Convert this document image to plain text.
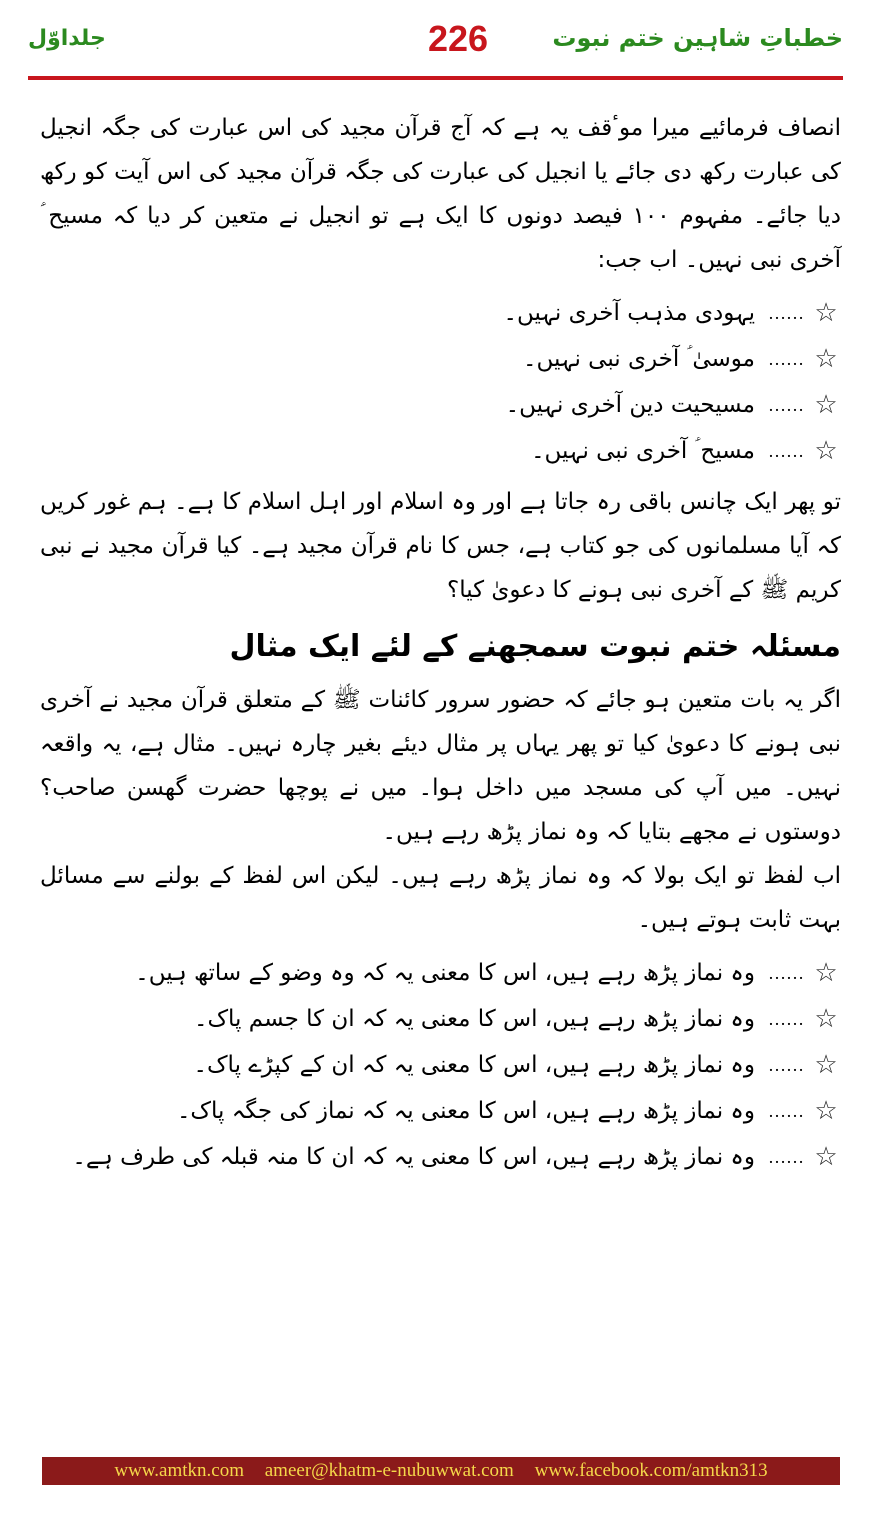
جلداوّل	226	خطباتِ شاہین ختم نبوت

انصاف فرمائیے میرا موٴقف یہ ہے کہ آج قرآن مجید کی اس عبارت کی جگہ انجیل کی عبارت رکھ دی جائے یا انجیل کی عبارت کی جگہ قرآن مجید کی اس آیت کو رکھ دیا جائے۔ مفہوم ۱۰۰ فیصد دونوں کا ایک ہے تو انجیل نے متعین کر دیا کہ مسیح ؑ آخری نبی نہیں۔ اب جب:

☆
……
یہودی مذہب آخری نہیں۔
☆
……
موسیٰ ؑ آخری نبی نہیں۔
☆
……
مسیحیت دین آخری نہیں۔
☆
……
مسیح ؑ آخری نبی نہیں۔

تو پھر ایک چانس باقی رہ جاتا ہے اور وہ اسلام اور اہل اسلام کا ہے۔ ہم غور کریں کہ آیا مسلمانوں کی جو کتاب ہے، جس کا نام قرآن مجید ہے۔ کیا قرآن مجید نے نبی کریم ﷺ کے آخری نبی ہونے کا دعویٰ کیا؟

مسئلہ ختم نبوت سمجھنے کے لئے ایک مثال

اگر یہ بات متعین ہو جائے کہ حضور سرور کائنات ﷺ کے متعلق قرآن مجید نے آخری نبی ہونے کا دعویٰ کیا تو پھر یہاں پر مثال دیئے بغیر چارہ نہیں۔ مثال ہے، یہ واقعہ نہیں۔ میں آپ کی مسجد میں داخل ہوا۔ میں نے پوچھا حضرت گھسن صاحب؟ دوستوں نے مجھے بتایا کہ وہ نماز پڑھ رہے ہیں۔

اب لفظ تو ایک بولا کہ وہ نماز پڑھ رہے ہیں۔ لیکن اس لفظ کے بولنے سے مسائل بہت ثابت ہوتے ہیں۔

☆
……
وہ نماز پڑھ رہے ہیں، اس کا معنی یہ کہ وہ وضو کے ساتھ ہیں۔
☆
……
وہ نماز پڑھ رہے ہیں، اس کا معنی یہ کہ ان کا جسم پاک۔
☆
……
وہ نماز پڑھ رہے ہیں، اس کا معنی یہ کہ ان کے کپڑے پاک۔
☆
……
وہ نماز پڑھ رہے ہیں، اس کا معنی یہ کہ نماز کی جگہ پاک۔
☆
……
وہ نماز پڑھ رہے ہیں، اس کا معنی یہ کہ ان کا منہ قبلہ کی طرف ہے۔
www.amtkn.com ameer@khatm-e-nubuwwat.com www.facebook.com/amtkn313
